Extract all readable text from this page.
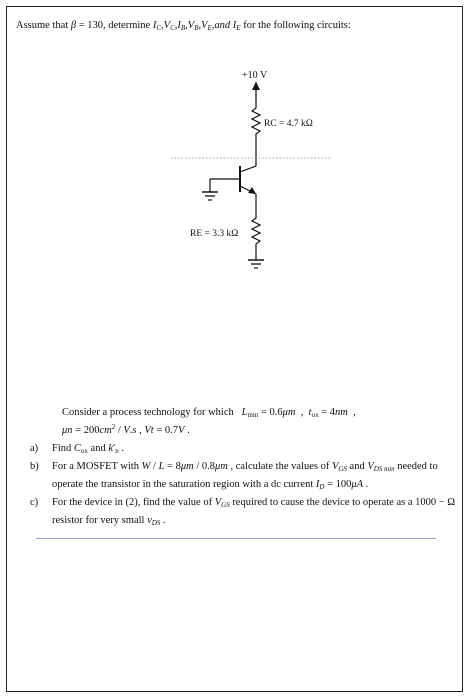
Assume that β = 130, determine $I_C,V_C,I_B,V_B,V_E,and$ $I_E$ for the following circuits:
+10 V
RC = 4.7 kΩ
RE = 3.3 kΩ
Consider a process technology for which $L_{min} = 0.6\mu m$  ,  $t_{ox} = 4nm$  ,
$\mu n = 200cm^2 / V.s$ , Vt = 0.7V .
a) Find $C_{ox}$ and $k'_n$ .
b) For a MOSFET with W / L = 8μm / 0.8μm , calculate the values of $V_{GS}$ and $V_{DS min}$ needed to operate the transistor in the saturation region with a dc current $I_D = 100\mu A$ .
c) For the device in (2), find the value of $V_{GS}$ required to cause the device to operate as a 1000 − Ω resistor for very small $v_{DS}$ .
